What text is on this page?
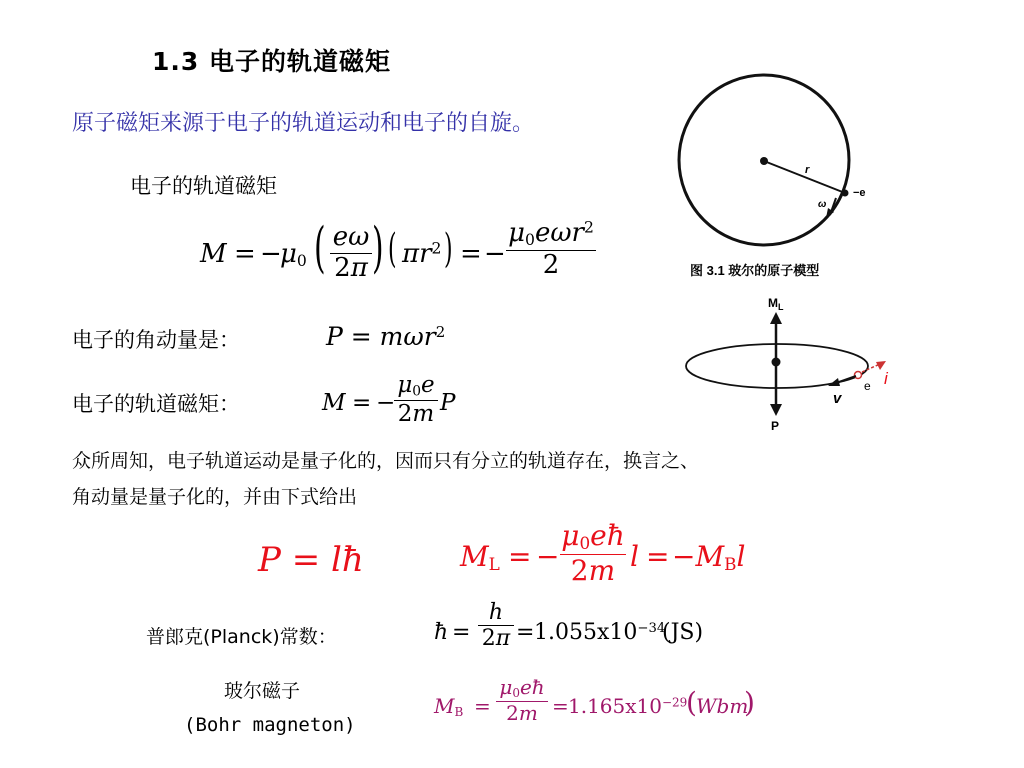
1.3 电子的轨道磁矩
原子磁矩来源于电子的轨道运动和电子的自旋。
电子的轨道磁矩
M = −
$\mu_0$ ( eω
2π ) ( $\pi r^2$ ) = −
$\mu_0e\omega r^2$
2
电子的角动量是：	P = mωr$^2$
电子的轨道磁矩：	M = −
$\mu_0e$
2m P
众所周知，电子轨道运动是量子化的，因而只有分立的轨道存在，换言之、
角动量是量子化的，并由下式给出
P = lħ	$M_L$ = −
$\mu_0eħ$
2m $l = -M_Bl$
普郎克(Planck)常数：	ħ =
h
$2\pi = 1.055x10^{-34}$
(JS)
玻尔磁子
(Bohr magneton)
$M_B$ =
$\mu_0eħ$
$2m = 1.165x10^{-29}$
( Wbm
)
r
−e
ω
图 3.1 玻尔的原子模型
$M_L$
P
e i
v
